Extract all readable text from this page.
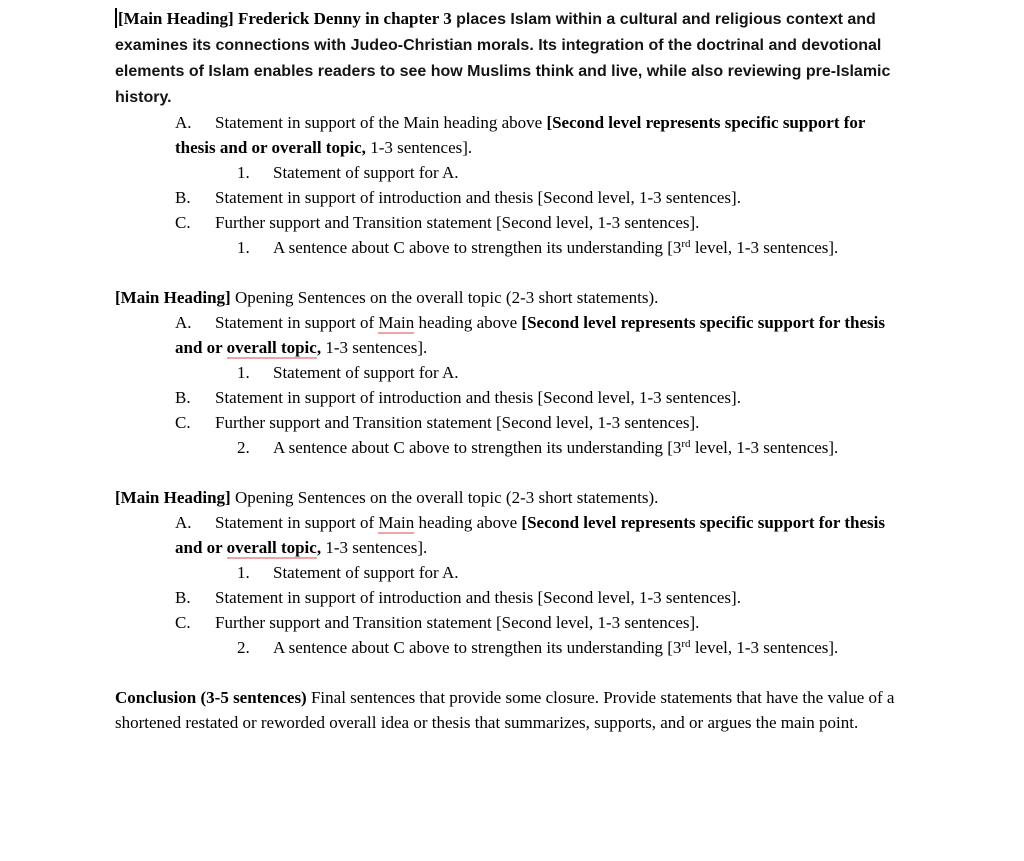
[Main Heading] Frederick Denny in chapter 3 places Islam within a cultural and religious context and examines its connections with Judeo-Christian morals. Its integration of the doctrinal and devotional elements of Islam enables readers to see how Muslims think and live, while also reviewing pre-Islamic history.

A. Statement in support of the Main heading above [Second level represents specific support for thesis and or overall topic, 1-3 sentences].
1. Statement of support for A.
B. Statement in support of introduction and thesis [Second level, 1-3 sentences].
C. Further support and Transition statement [Second level, 1-3 sentences].
1. A sentence about C above to strengthen its understanding [3rd level, 1-3 sentences].

[Main Heading] Opening Sentences on the overall topic (2-3 short statements).

A. Statement in support of Main heading above [Second level represents specific support for thesis and or overall topic, 1-3 sentences].
1. Statement of support for A.
B. Statement in support of introduction and thesis [Second level, 1-3 sentences].
C. Further support and Transition statement [Second level, 1-3 sentences].
2. A sentence about C above to strengthen its understanding [3rd level, 1-3 sentences].

[Main Heading] Opening Sentences on the overall topic (2-3 short statements).

A. Statement in support of Main heading above [Second level represents specific support for thesis and or overall topic, 1-3 sentences].
1. Statement of support for A.
B. Statement in support of introduction and thesis [Second level, 1-3 sentences].
C. Further support and Transition statement [Second level, 1-3 sentences].
2. A sentence about C above to strengthen its understanding [3rd level, 1-3 sentences].

Conclusion (3-5 sentences) Final sentences that provide some closure. Provide statements that have the value of a shortened restated or reworded overall idea or thesis that summarizes, supports, and or argues the main point.
